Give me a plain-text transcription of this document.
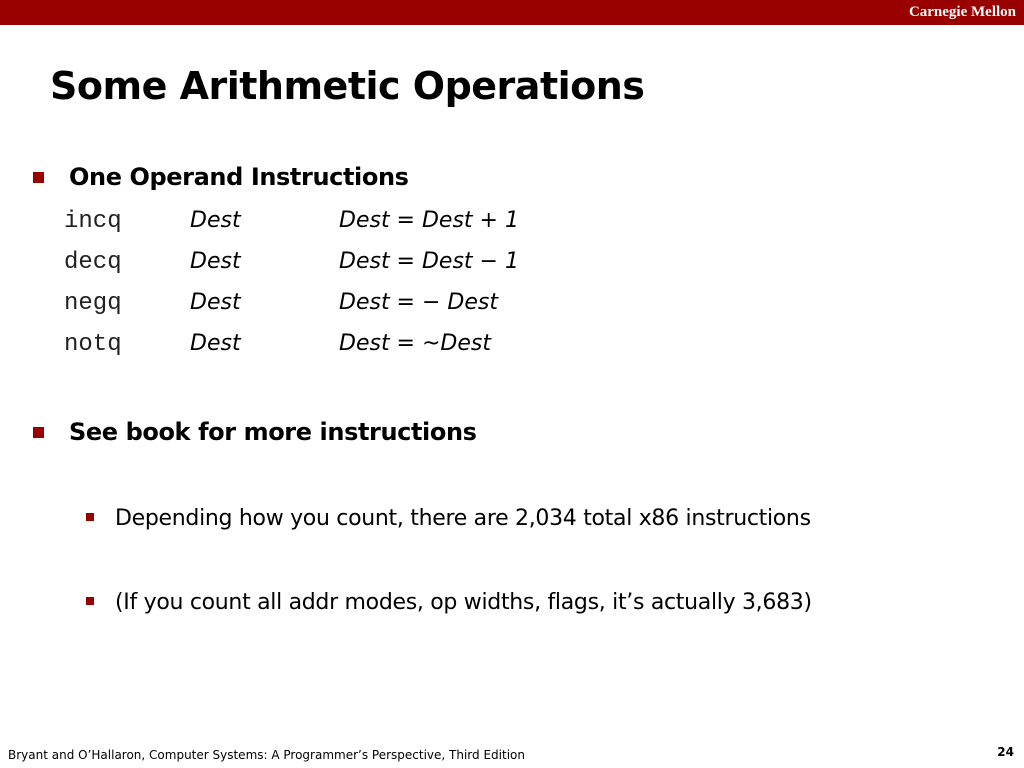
Carnegie Mellon
Some Arithmetic Operations
One Operand Instructions
incq	Dest	Dest = Dest + 1
decq	Dest	Dest = Dest − 1
negq	Dest	Dest = − Dest
notq	Dest	Dest = ~Dest
See book for more instructions
Depending how you count, there are 2,034 total x86 instructions
(If you count all addr modes, op widths, flags, it’s actually 3,683)
Bryant and O’Hallaron, Computer Systems: A Programmer’s Perspective, Third Edition	24
